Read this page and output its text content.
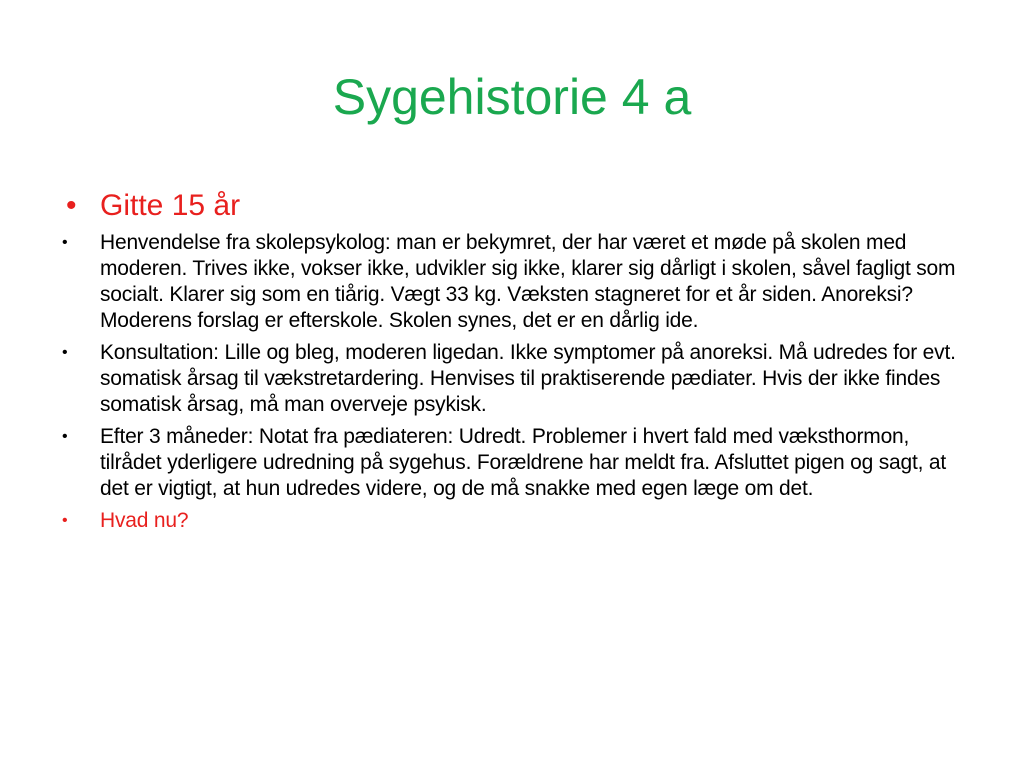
Sygehistorie 4 a
• Gitte 15 år
• Henvendelse fra skolepsykolog: man er bekymret, der har været et møde på skolen med moderen. Trives ikke, vokser ikke, udvikler sig ikke, klarer sig dårligt i skolen, såvel fagligt som socialt. Klarer sig som en tiårig. Vægt 33 kg. Væksten stagneret for et år siden. Anoreksi? Moderens forslag er efterskole. Skolen synes, det er en dårlig ide.
• Konsultation: Lille og bleg, moderen ligedan. Ikke symptomer på anoreksi. Må udredes for evt. somatisk årsag til vækstretardering. Henvises til praktiserende pædiater. Hvis der ikke findes somatisk årsag, må man overveje psykisk.
• Efter 3 måneder: Notat fra pædiateren: Udredt. Problemer i hvert fald med væksthormon, tilrådet yderligere udredning på sygehus. Forældrene har meldt fra. Afsluttet pigen og sagt, at det er vigtigt, at hun udredes videre, og de må snakke med egen læge om det.
• Hvad nu?
